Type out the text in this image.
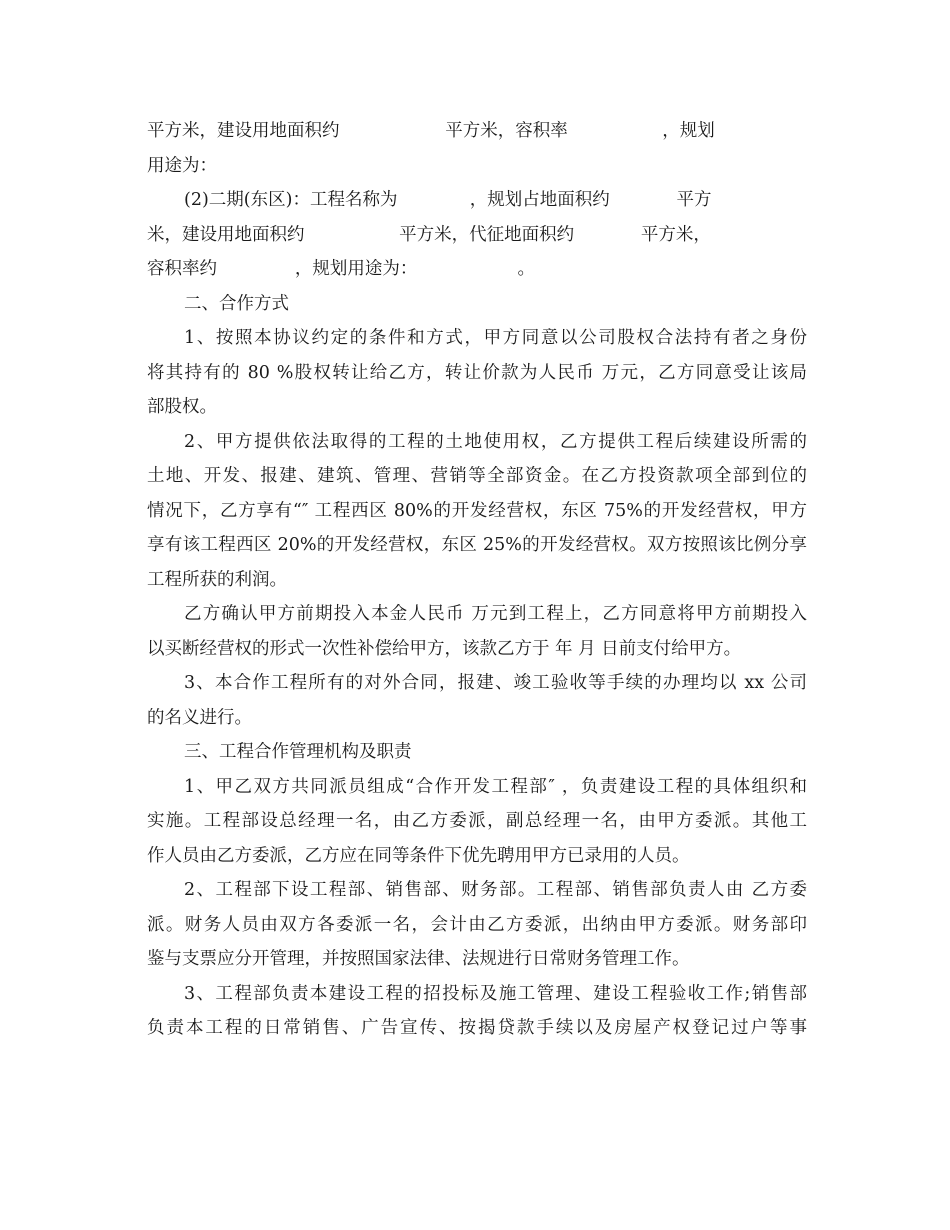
平方米，建设用地面积约                   平方米，容积率                 ，规划
用途为：
(2)二期(东区)：工程名称为             ，规划占地面积约            平方
米，建设用地面积约                 平方米，代征地面积约            平方米，
容积率约              ，规划用途为：                  。
二、合作方式
1、按照本协议约定的条件和方式，甲方同意以公司股权合法持有者之身份
将其持有的 80 %股权转让给乙方，转让价款为人民币 万元，乙方同意受让该局
部股权。
2、甲方提供依法取得的工程的土地使用权，乙方提供工程后续建设所需的
土地、开发、报建、建筑、管理、营销等全部资金。在乙方投资款项全部到位的
情况下，乙方享有“″ 工程西区 80%的开发经营权，东区 75%的开发经营权，甲方
享有该工程西区 20%的开发经营权，东区 25%的开发经营权。双方按照该比例分享
工程所获的利润。
乙方确认甲方前期投入本金人民币 万元到工程上，乙方同意将甲方前期投入
以买断经营权的形式一次性补偿给甲方，该款乙方于 年 月 日前支付给甲方。
3、本合作工程所有的对外合同，报建、竣工验收等手续的办理均以 xx 公司
的名义进行。
三、工程合作管理机构及职责
1、甲乙双方共同派员组成“合作开发工程部″ ，负责建设工程的具体组织和
实施。工程部设总经理一名，由乙方委派，副总经理一名，由甲方委派。其他工
作人员由乙方委派，乙方应在同等条件下优先聘用甲方已录用的人员。
2、工程部下设工程部、销售部、财务部。工程部、销售部负责人由 乙方委
派。财务人员由双方各委派一名，会计由乙方委派，出纳由甲方委派。财务部印
鉴与支票应分开管理，并按照国家法律、法规进行日常财务管理工作。
3、工程部负责本建设工程的招投标及施工管理、建设工程验收工作;销售部
负责本工程的日常销售、广告宣传、按揭贷款手续以及房屋产权登记过户等事
